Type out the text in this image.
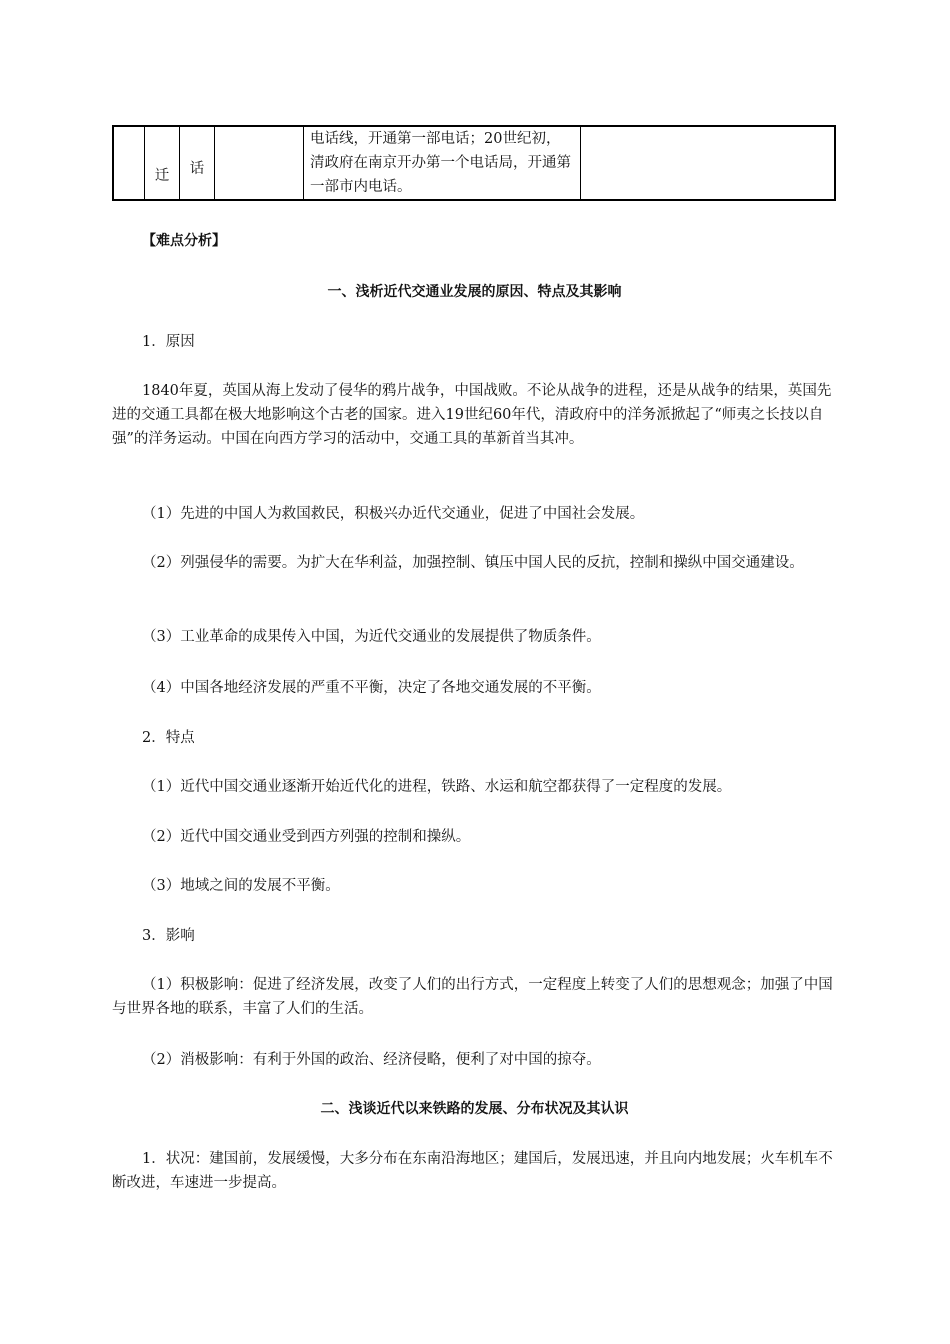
	迁	话		电话线，开通第一部电话；20世纪初，清政府在南京开办第一个电话局，开通第一部市内电话。	
【难点分析】
一、浅析近代交通业发展的原因、特点及其影响
1．原因
1840年夏，英国从海上发动了侵华的鸦片战争，中国战败。不论从战争的进程，还是从战争的结果，英国先进的交通工具都在极大地影响这个古老的国家。进入19世纪60年代，清政府中的洋务派掀起了“师夷之长技以自强”的洋务运动。中国在向西方学习的活动中，交通工具的革新首当其冲。
（1）先进的中国人为救国救民，积极兴办近代交通业，促进了中国社会发展。
（2）列强侵华的需要。为扩大在华利益，加强控制、镇压中国人民的反抗，控制和操纵中国交通建设。
（3）工业革命的成果传入中国，为近代交通业的发展提供了物质条件。
（4）中国各地经济发展的严重不平衡，决定了各地交通发展的不平衡。
2．特点
（1）近代中国交通业逐渐开始近代化的进程，铁路、水运和航空都获得了一定程度的发展。
（2）近代中国交通业受到西方列强的控制和操纵。
（3）地域之间的发展不平衡。
3．影响
（1）积极影响：促进了经济发展，改变了人们的出行方式，一定程度上转变了人们的思想观念；加强了中国与世界各地的联系，丰富了人们的生活。
（2）消极影响：有利于外国的政治、经济侵略，便利了对中国的掠夺。
二、浅谈近代以来铁路的发展、分布状况及其认识
1．状况：建国前，发展缓慢，大多分布在东南沿海地区；建国后，发展迅速，并且向内地发展；火车机车不断改进，车速进一步提高。
